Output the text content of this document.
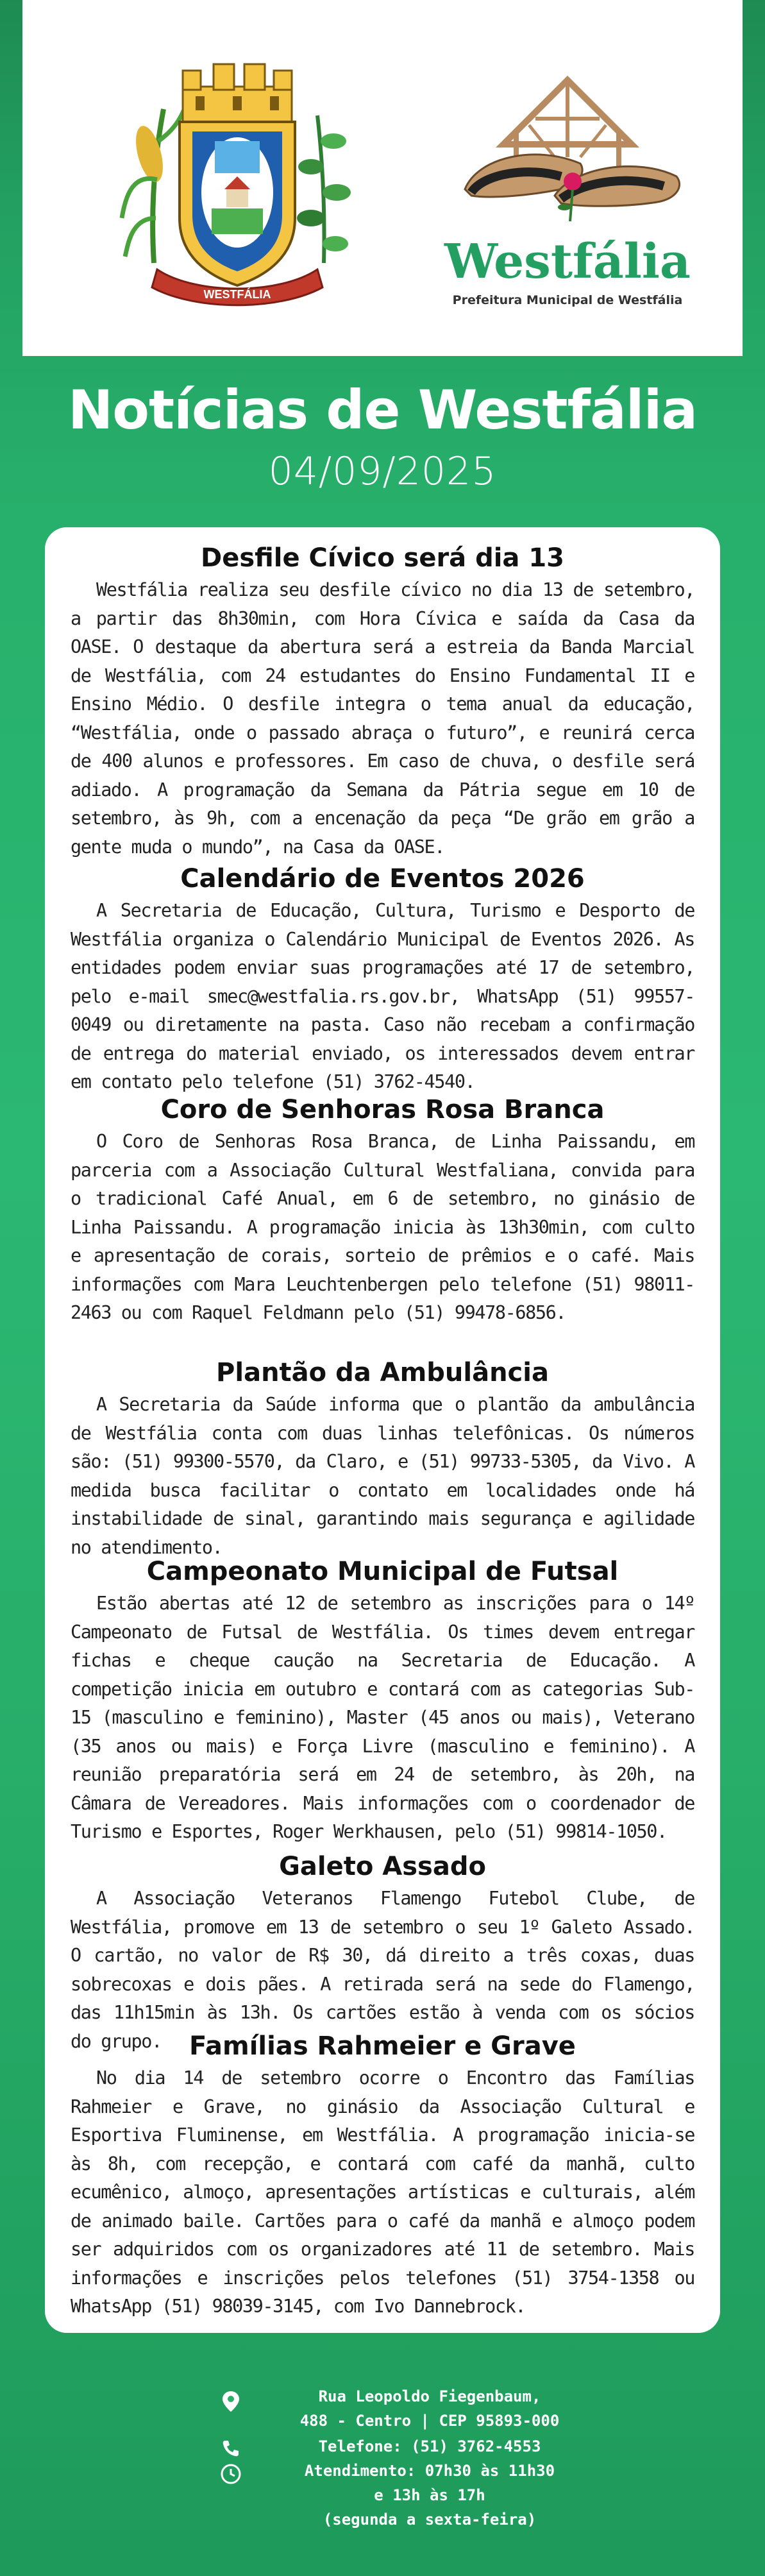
WESTFÁLIA
Westfália
Prefeitura Municipal de Westfália
Notícias de Westfália
04/09/2025
Desfile Cívico será dia 13

Westfália realiza seu desfile cívico no dia 13 de setembro, a partir das 8h30min, com Hora Cívica e saída da Casa da OASE. O destaque da abertura será a estreia da Banda Marcial de Westfália, com 24 estudantes do Ensino Fundamental II e Ensino Médio. O desfile integra o tema anual da educação, “Westfália, onde o passado abraça o futuro”, e reunirá cerca de 400 alunos e professores. Em caso de chuva, o desfile será adiado. A programação da Semana da Pátria segue em 10 de setembro, às 9h, com a encenação da peça “De grão em grão a gente muda o mundo”, na Casa da OASE.

Calendário de Eventos 2026

A Secretaria de Educação, Cultura, Turismo e Desporto de Westfália organiza o Calendário Municipal de Eventos 2026. As entidades podem enviar suas programações até 17 de setembro, pelo e-mail smec@westfalia.rs.gov.br, WhatsApp (51) 99557-0049 ou diretamente na pasta. Caso não recebam a confirmação de entrega do material enviado, os interessados devem entrar em contato pelo telefone (51) 3762-4540.

Coro de Senhoras Rosa Branca

O Coro de Senhoras Rosa Branca, de Linha Paissandu, em parceria com a Associação Cultural Westfaliana, convida para o tradicional Café Anual, em 6 de setembro, no ginásio de Linha Paissandu. A programação inicia às 13h30min, com culto e apresentação de corais, sorteio de prêmios e o café. Mais informações com Mara Leuchtenbergen pelo telefone (51) 98011-2463 ou com Raquel Feldmann pelo (51) 99478-6856.

Plantão da Ambulância

A Secretaria da Saúde informa que o plantão da ambulância de Westfália conta com duas linhas telefônicas. Os números são: (51) 99300-5570, da Claro, e (51) 99733-5305, da Vivo. A medida busca facilitar o contato em localidades onde há instabilidade de sinal, garantindo mais segurança e agilidade no atendimento.

Campeonato Municipal de Futsal

Estão abertas até 12 de setembro as inscrições para o 14º Campeonato de Futsal de Westfália. Os times devem entregar fichas e cheque caução na Secretaria de Educação. A competição inicia em outubro e contará com as categorias Sub-15 (masculino e feminino), Master (45 anos ou mais), Veterano (35 anos ou mais) e Força Livre (masculino e feminino). A reunião preparatória será em 24 de setembro, às 20h, na Câmara de Vereadores. Mais informações com o coordenador de Turismo e Esportes, Roger Werkhausen, pelo (51) 99814-1050.

Galeto Assado

A Associação Veteranos Flamengo Futebol Clube, de Westfália, promove em 13 de setembro o seu 1º Galeto Assado. O cartão, no valor de R$ 30, dá direito a três coxas, duas sobrecoxas e dois pães. A retirada será na sede do Flamengo, das 11h15min às 13h. Os cartões estão à venda com os sócios do grupo.	Famílias Rahmeier e Grave

No dia 14 de setembro ocorre o Encontro das Famílias Rahmeier e Grave, no ginásio da Associação Cultural e Esportiva Fluminense, em Westfália. A programação inicia-se às 8h, com recepção, e contará com café da manhã, culto ecumênico, almoço, apresentações artísticas e culturais, além de animado baile. Cartões para o café da manhã e almoço podem ser adquiridos com os organizadores até 11 de setembro. Mais informações e inscrições pelos telefones (51) 3754-1358 ou WhatsApp (51) 98039-3145, com Ivo Dannebrock.

Rua Leopoldo Fiegenbaum,
488 - Centro | CEP 95893-000
Telefone: (51) 3762-4553
Atendimento: 07h30 às 11h30
e 13h às 17h
(segunda a sexta-feira)
